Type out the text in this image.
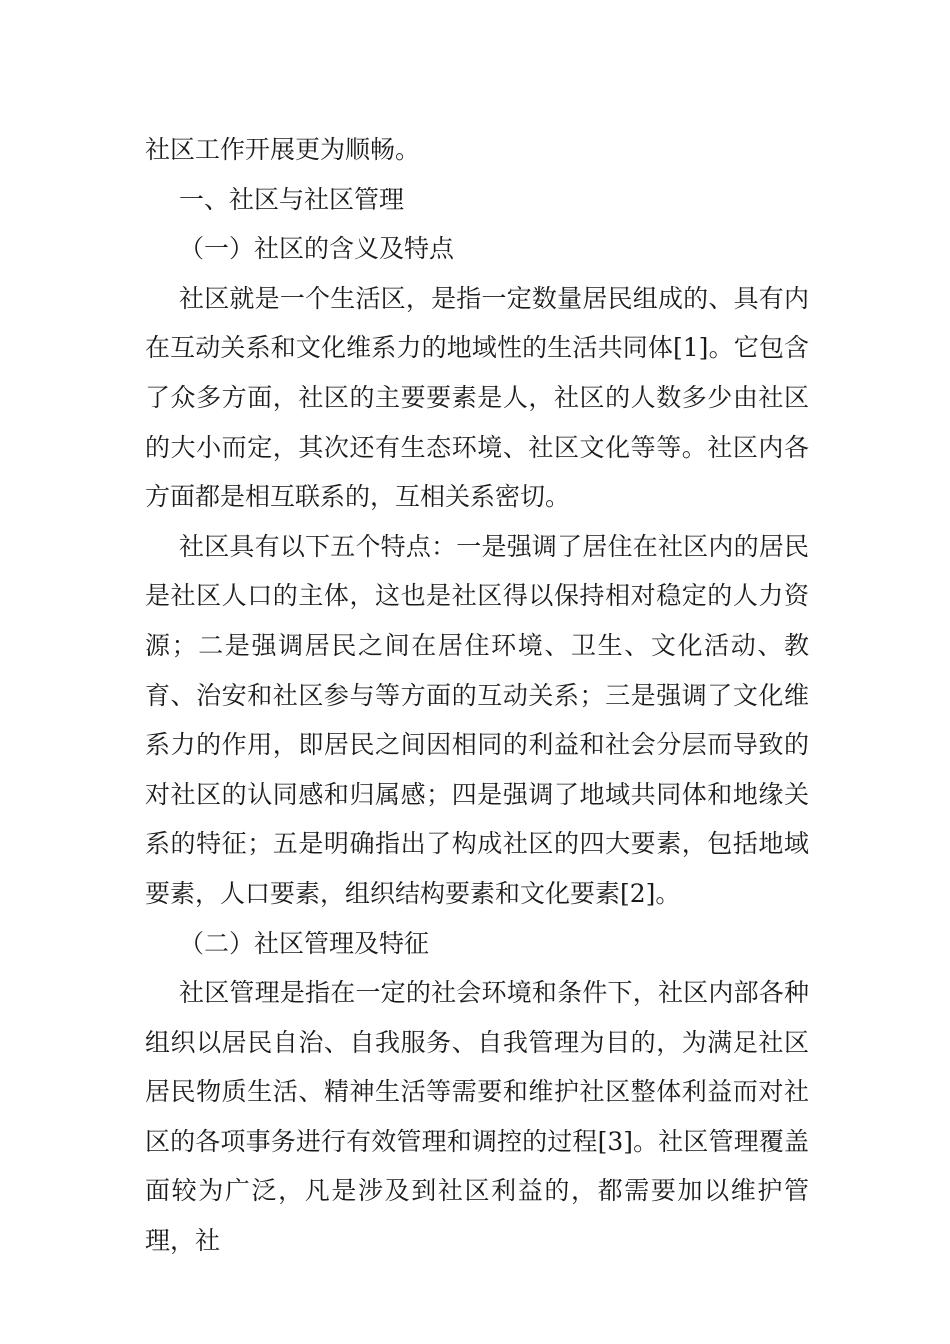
社区工作开展更为顺畅。

一、社区与社区管理

（一）社区的含义及特点

社区就是一个生活区，是指一定数量居民组成的、具有内在互动关系和文化维系力的地域性的生活共同体[1]。它包含了众多方面，社区的主要要素是人，社区的人数多少由社区的大小而定，其次还有生态环境、社区文化等等。社区内各方面都是相互联系的，互相关系密切。

社区具有以下五个特点：一是强调了居住在社区内的居民是社区人口的主体，这也是社区得以保持相对稳定的人力资源；二是强调居民之间在居住环境、卫生、文化活动、教育、治安和社区参与等方面的互动关系；三是强调了文化维系力的作用，即居民之间因相同的利益和社会分层而导致的对社区的认同感和归属感；四是强调了地域共同体和地缘关系的特征；五是明确指出了构成社区的四大要素，包括地域要素，人口要素，组织结构要素和文化要素[2]。

（二）社区管理及特征

社区管理是指在一定的社会环境和条件下，社区内部各种组织以居民自治、自我服务、自我管理为目的，为满足社区居民物质生活、精神生活等需要和维护社区整体利益而对社区的各项事务进行有效管理和调控的过程[3]。社区管理覆盖面较为广泛，凡是涉及到社区利益的，都需要加以维护管理，社
